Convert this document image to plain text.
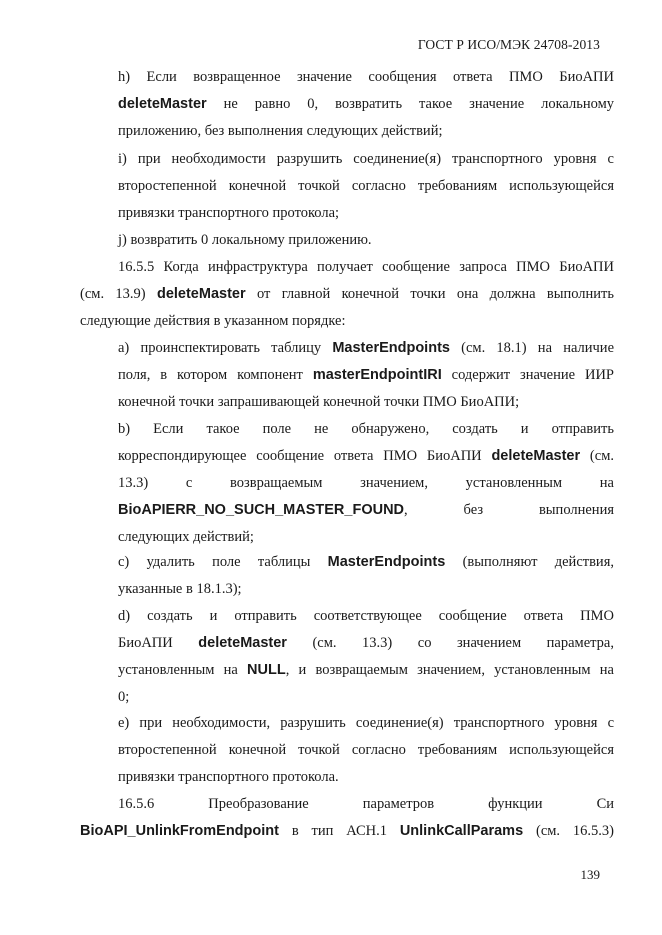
ГОСТ Р ИСО/МЭК 24708-2013
h) Если возвращенное значение сообщения ответа ПМО БиоАПИ
deleteMaster не равно 0, возвратить такое значение локальному
приложению, без выполнения следующих действий;
i) при необходимости разрушить соединение(я) транспортного уровня с
второстепенной конечной точкой согласно требованиям использующейся
привязки транспортного протокола;
j) возвратить 0 локальному приложению.
16.5.5 Когда инфраструктура получает сообщение запроса ПМО БиоАПИ
(см. 13.9) deleteMaster от главной конечной точки она должна выполнить
следующие действия в указанном порядке:
a) проинспектировать таблицу MasterEndpoints (см. 18.1) на наличие
поля, в котором компонент masterEndpointIRI содержит значение ИИР
конечной точки запрашивающей конечной точки ПМО БиоАПИ;
b) Если такое поле не обнаружено, создать и отправить
корреспондирующее сообщение ответа ПМО БиоАПИ deleteMaster (см.
13.3) с возвращаемым значением, установленным на
BioAPIERR_NO_SUCH_MASTER_FOUND, без выполнения
следующих действий;
c) удалить поле таблицы MasterEndpoints (выполняют действия,
указанные в 18.1.3);
d) создать и отправить соответствующее сообщение ответа ПМО
БиоАПИ deleteMaster (см. 13.3) со значением параметра,
установленным на NULL, и возвращаемым значением, установленным на
0;
e) при необходимости, разрушить соединение(я) транспортного уровня с
второстепенной конечной точкой согласно требованиям использующейся
привязки транспортного протокола.
16.5.6 Преобразование параметров функции Си
BioAPI_UnlinkFromEndpoint в тип АСН.1 UnlinkCallParams (см. 16.5.3)
139
